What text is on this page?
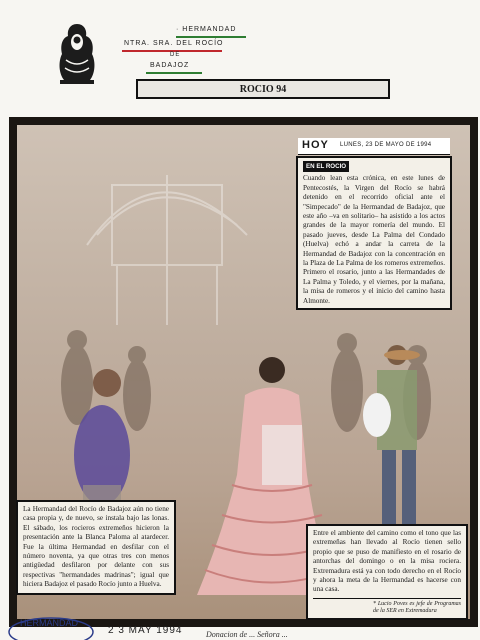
· HERMANDAD
NTRA. SRA. DEL ROCÍO
DE
BADAJOZ
ROCIO 94
HOY LUNES, 23 DE MAYO DE 1994
EN EL ROCIO

Cuando lean esta crónica, en este lunes de Pentecostés, la Virgen del Rocío se habrá detenido en el recorrido oficial ante el "Simpecado" de la Hermandad de Badajoz, que este año –va en solitario– ha asistido a los actos grandes de la mayor romería del mundo. El pasado jueves, desde La Palma del Condado (Huelva) echó a andar la carreta de la Hermandad de Badajoz con la concentración en la Plaza de La Palma de los romeros extremeños. Primero el rosario, junto a las Hermandades de La Palma y Toledo, y el viernes, por la mañana, la misa de romeros y el inicio del camino hasta Almonte.

La Hermandad del Rocío de Badajoz aún no tiene casa propia y, de nuevo, se instala bajo las lonas. El sábado, los rocieros extremeños hicieron la presentación ante la Blanca Paloma al atardecer. Fue la última Hermandad en desfilar con el número noventa, ya que otras tres con menos antigüedad desfilaron por delante con sus respectivas "hermandades madrinas"; igual que hiciera Badajoz el pasado Rocío junto a Huelva.

Entre el ambiente del camino como el tono que las extremeñas han llevado al Rocío tienen sello propio que se puso de manifiesto en el rosario de antorchas del domingo o en la misa rociera. Extremadura está ya con todo derecho en el Rocío y ahora la meta de la Hermandad es hacerse con una casa.

* Lucio Poves es jefe de Programas de la SER en Extremadura
HERMANDAD
2 3 MAY 1994	Donacion de ... Señora ...
